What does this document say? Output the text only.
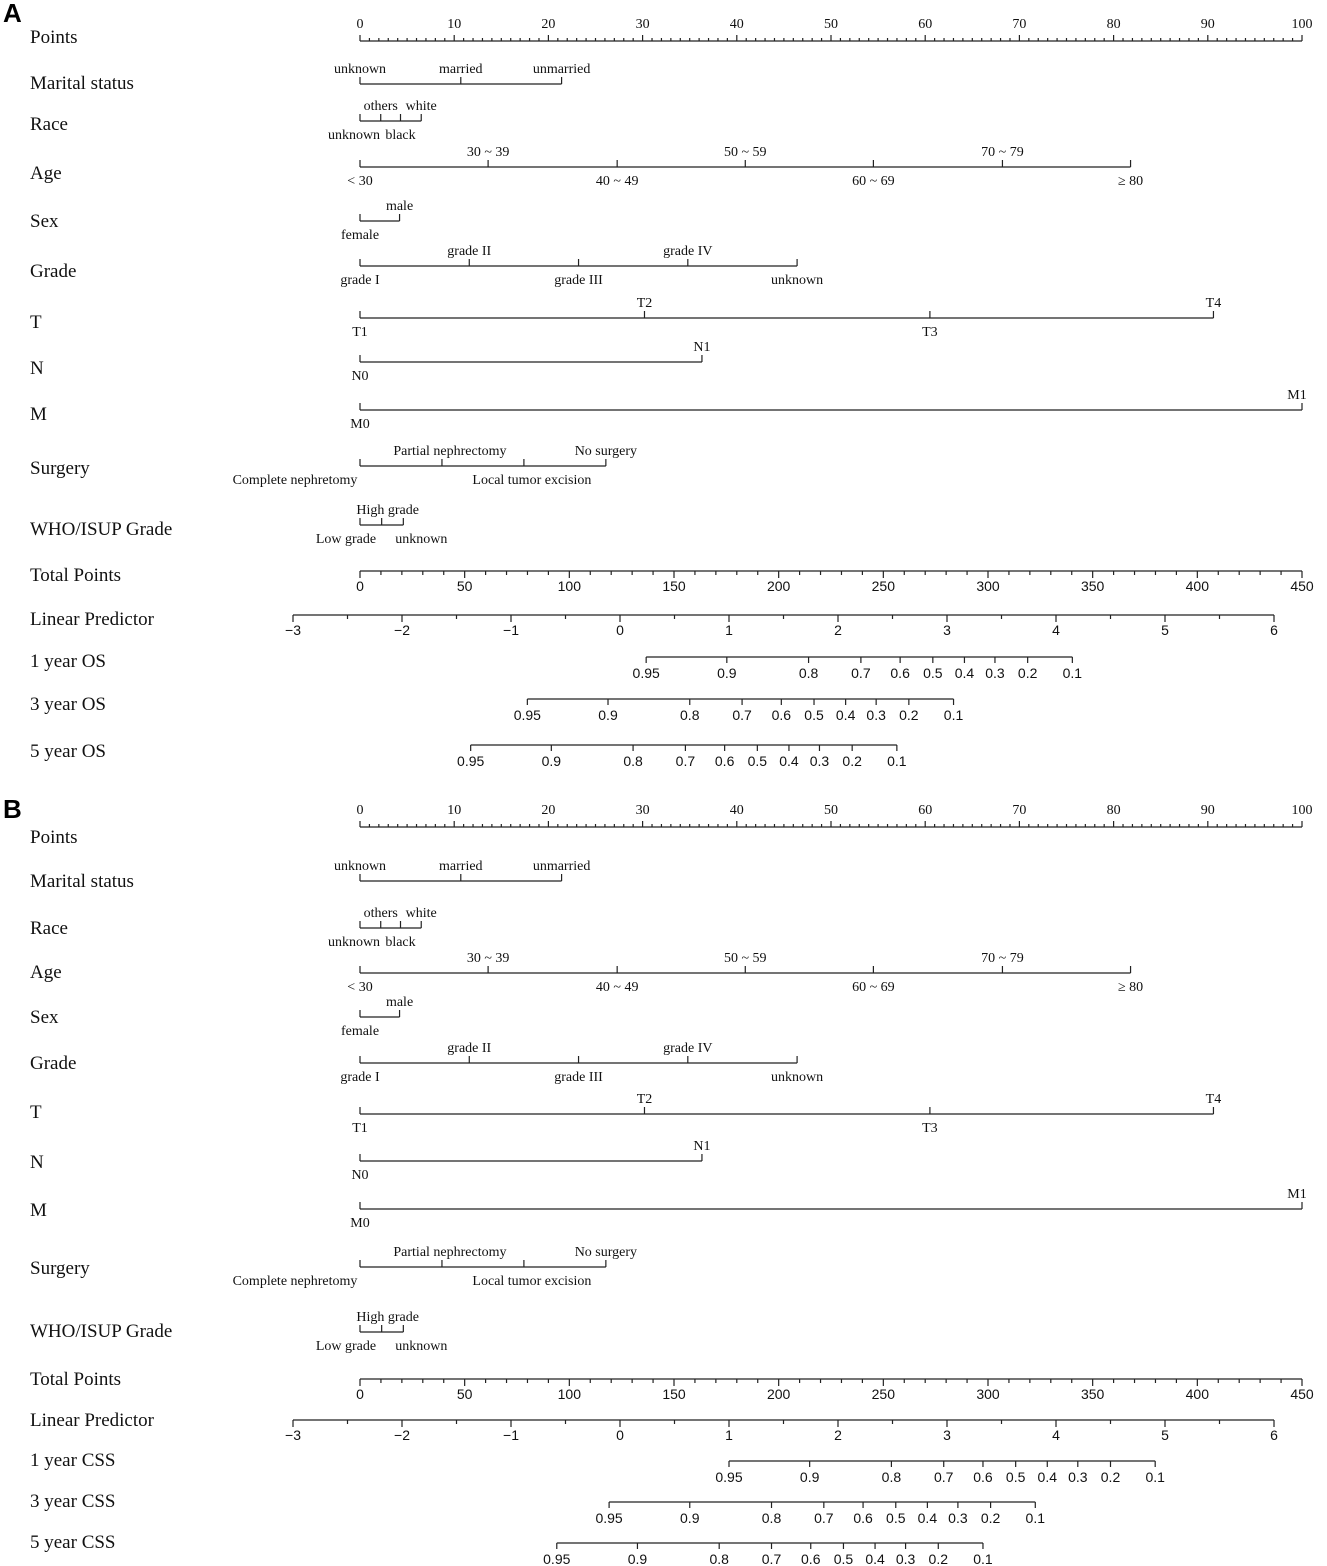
A
Points
0	10	20	30	40	50	60	70	80	90	100
Marital status
unknown	married	unmarried
Race
unknown
others
black
white
Age	< 30
30 ~ 39
40 ~ 49
50 ~ 59
60 ~ 69
70 ~ 79
≥ 80
Sex
female
male
Grade	grade I
grade II
grade III
grade IV
unknown
T	T1
T2
T3
T4
N	N0
N1
M	M0
M1
Surgery
Complete nephretomy
Partial nephrectomy
Local tumor excision
No surgery
WHO/ISUP Grade	Low grade
High grade
unknown
Total Points	0	50	100	150	200	250	300	350	400	450
Linear Predictor	−3	−2	−1	0	1	2	3	4	5	6
1 year OS
0.95	0.9	0.8 0.7 0.6 0.5 0.4 0.3 0.2 0.1
3 year OS	0.95	0.9	0.8 0.7 0.6 0.5 0.4 0.3 0.2 0.1
5 year OS	0.95	0.9	0.8 0.7 0.6 0.5 0.4 0.3 0.2 0.1
B
Points
0	10	20	30	40	50	60	70	80	90	100
Marital status
unknown	married	unmarried
Race
unknown
others
black
white
Age
< 30
30 ~ 39
40 ~ 49
50 ~ 59
60 ~ 69
70 ~ 79
≥ 80
Sex
female
male
Grade
grade I
grade II
grade III
grade IV
unknown
T
T1
T2
T3
T4
N
N0
N1
M
M0
M1
Surgery
Complete nephretomy
Partial nephrectomy
Local tumor excision
No surgery
WHO/ISUP Grade
Low grade
High grade
unknown
Total Points
0	50	100	150	200	250	300	350	400	450
Linear Predictor
−3	−2	−1	0	1	2	3	4	5	6
1 year CSS
0.95	0.9	0.8 0.7 0.6 0.5 0.4 0.3 0.2 0.1
3 year CSS
0.95	0.9	0.8 0.7 0.6 0.5 0.4 0.3 0.2 0.1
5 year CSS
0.95	0.9	0.8 0.7 0.6 0.5 0.4 0.3 0.2 0.1
